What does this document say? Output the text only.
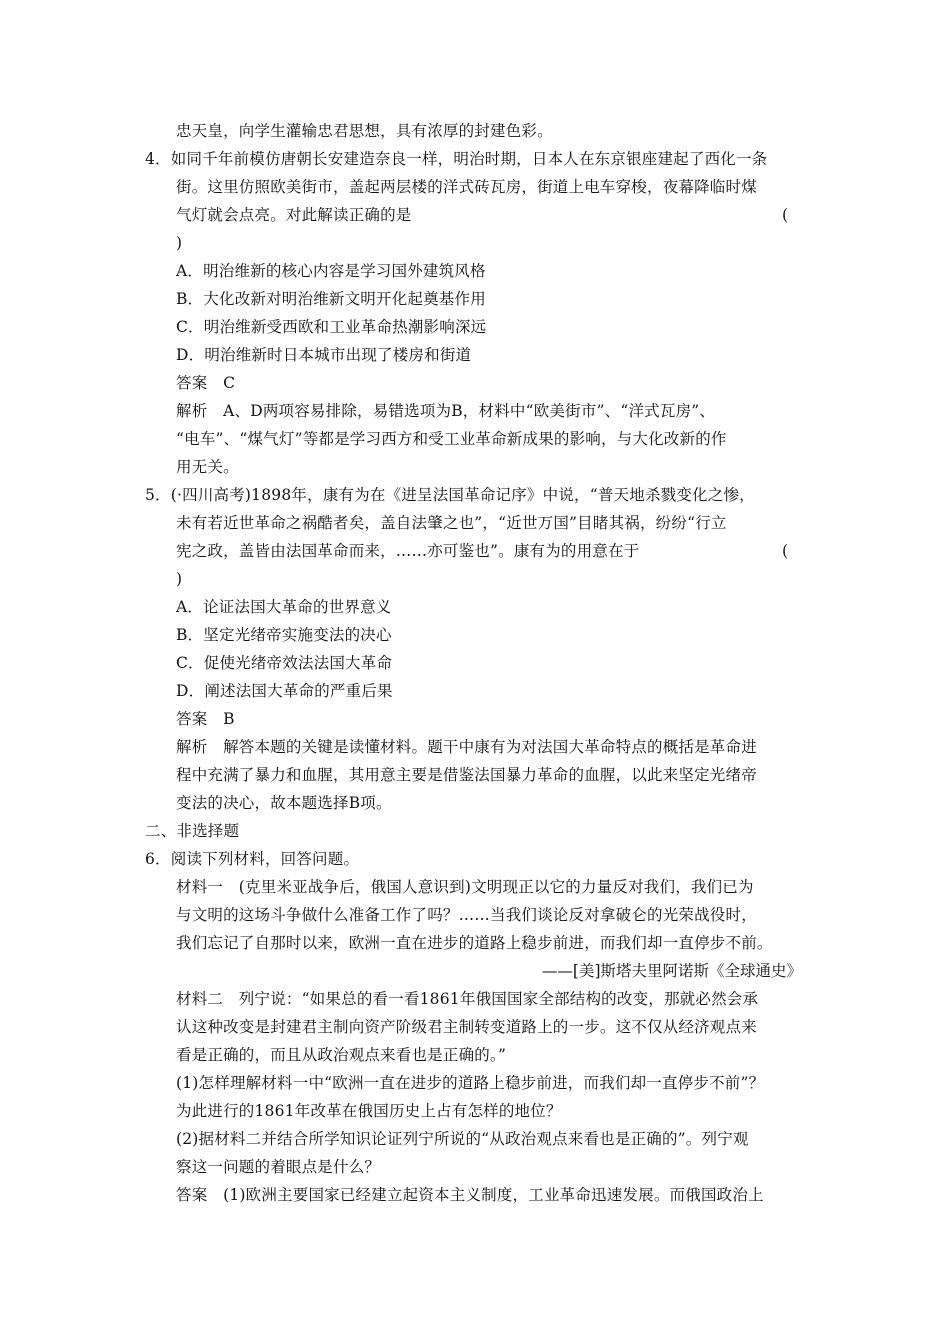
忠天皇，向学生灌输忠君思想，具有浓厚的封建色彩。
4．如同千年前模仿唐朝长安建造奈良一样，明治时期，日本人在东京银座建起了西化一条
街。这里仿照欧美街市，盖起两层楼的洋式砖瓦房，街道上电车穿梭，夜幕降临时煤
气灯就会点亮。对此解读正确的是	(
)
A．明治维新的核心内容是学习国外建筑风格
B．大化改新对明治维新文明开化起奠基作用
C．明治维新受西欧和工业革命热潮影响深远
D．明治维新时日本城市出现了楼房和街道
答案　C
解析　A、D两项容易排除，易错选项为B，材料中“欧美街市”、“洋式瓦房”、
“电车”、“煤气灯”等都是学习西方和受工业革命新成果的影响，与大化改新的作
用无关。
5．(·四川高考)1898年，康有为在《进呈法国革命记序》中说，“普天地杀戮变化之惨，
未有若近世革命之祸酷者矣，盖自法肇之也”，“近世万国”目睹其祸，纷纷“行立
宪之政，盖皆由法国革命而来，……亦可鉴也”。康有为的用意在于	(
)
A．论证法国大革命的世界意义
B．坚定光绪帝实施变法的决心
C．促使光绪帝效法法国大革命
D．阐述法国大革命的严重后果
答案　B
解析　解答本题的关键是读懂材料。题干中康有为对法国大革命特点的概括是革命进
程中充满了暴力和血腥，其用意主要是借鉴法国暴力革命的血腥，以此来坚定光绪帝
变法的决心，故本题选择B项。
二、非选择题
6．阅读下列材料，回答问题。
材料一　(克里米亚战争后，俄国人意识到)文明现正以它的力量反对我们，我们已为
与文明的这场斗争做什么准备工作了吗？……当我们谈论反对拿破仑的光荣战役时，
我们忘记了自那时以来，欧洲一直在进步的道路上稳步前进，而我们却一直停步不前。
——[美]斯塔夫里阿诺斯《全球通史》
材料二　列宁说：“如果总的看一看1861年俄国国家全部结构的改变，那就必然会承
认这种改变是封建君主制向资产阶级君主制转变道路上的一步。这不仅从经济观点来
看是正确的，而且从政治观点来看也是正确的。”
(1)怎样理解材料一中“欧洲一直在进步的道路上稳步前进，而我们却一直停步不前”？
为此进行的1861年改革在俄国历史上占有怎样的地位？
(2)据材料二并结合所学知识论证列宁所说的“从政治观点来看也是正确的”。列宁观
察这一问题的着眼点是什么？
答案　(1)欧洲主要国家已经建立起资本主义制度，工业革命迅速发展。而俄国政治上
